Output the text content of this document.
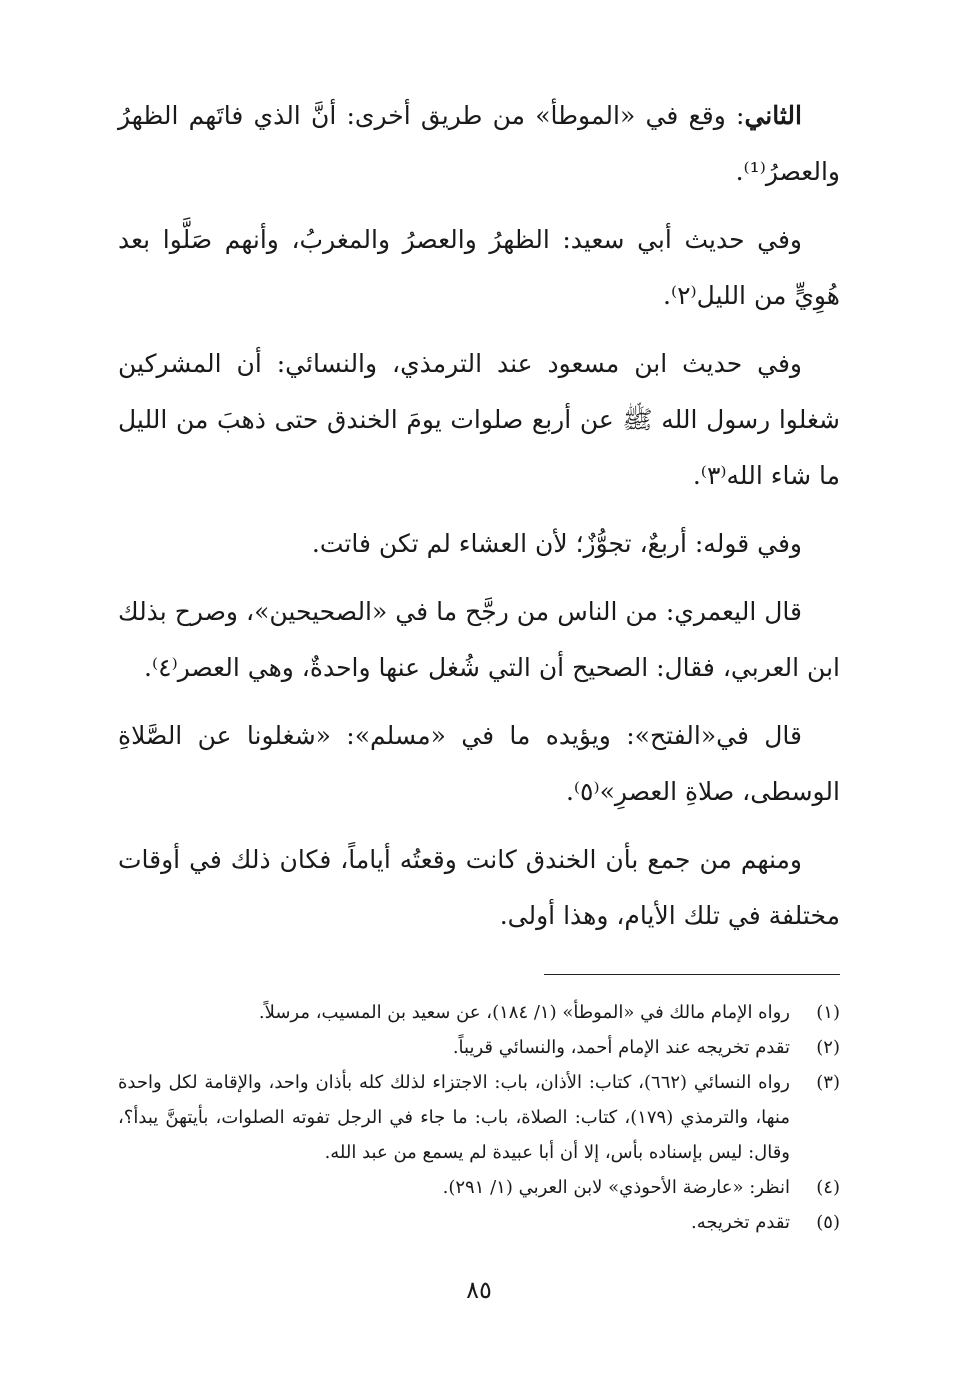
الثاني: وقع في «الموطأ» من طريق أخرى: أنَّ الذي فاتَهم الظهرُ والعصرُ⁽¹⁾.

وفي حديث أبي سعيد: الظهرُ والعصرُ والمغربُ، وأنهم صَلَّوا بعد هُوِيٍّ من الليل⁽٢⁾.

وفي حديث ابن مسعود عند الترمذي، والنسائي: أن المشركين شغلوا رسول الله ﷺ عن أربع صلوات يومَ الخندق حتى ذهبَ من الليل ما شاء الله⁽٣⁾.

وفي قوله: أربعٌ، تجوُّزٌ؛ لأن العشاء لم تكن فاتت.

قال اليعمري: من الناس من رجَّح ما في «الصحيحين»، وصرح بذلك ابن العربي، فقال: الصحيح أن التي شُغل عنها واحدةٌ، وهي العصر⁽٤⁾.

قال في«الفتح»: ويؤيده ما في «مسلم»: «شغلونا عن الصَّلاةِ الوسطى، صلاةِ العصرِ»⁽٥⁾.

ومنهم من جمع بأن الخندق كانت وقعتُه أياماً، فكان ذلك في أوقات مختلفة في تلك الأيام، وهذا أولى.

(١)
رواه الإمام مالك في «الموطأ» (١/ ١٨٤)، عن سعيد بن المسيب، مرسلاً.
(٢)
تقدم تخريجه عند الإمام أحمد، والنسائي قريباً.
(٣)
رواه النسائي (٦٦٢)، كتاب: الأذان، باب: الاجتزاء لذلك كله بأذان واحد، والإقامة لكل واحدة منها، والترمذي (١٧٩)، كتاب: الصلاة، باب: ما جاء في الرجل تفوته الصلوات، بأيتهنَّ يبدأ؟، وقال: ليس بإسناده بأس، إلا أن أبا عبيدة لم يسمع من عبد الله.
(٤)
انظر: «عارضة الأحوذي» لابن العربي (١/ ٢٩١).
(٥)
تقدم تخريجه.
٨٥
